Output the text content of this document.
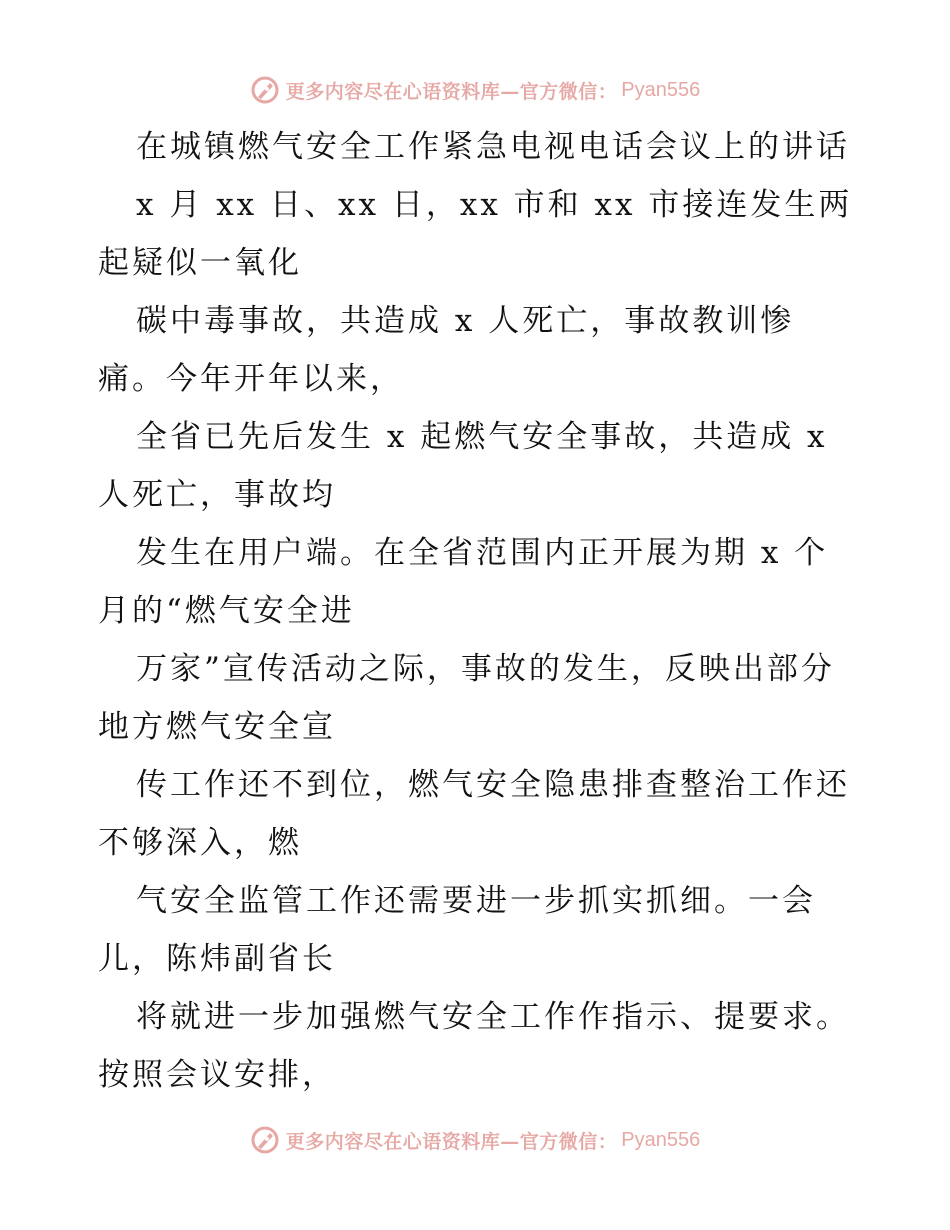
更多内容尽在心语资料库—官方微信： Pyan556
在城镇燃气安全工作紧急电视电话会议上的讲话
x 月 xx 日、xx 日，xx 市和 xx 市接连发生两
起疑似一氧化
碳中毒事故，共造成 x 人死亡，事故教训惨
痛。今年开年以来，
全省已先后发生 x 起燃气安全事故，共造成 x
人死亡，事故均
发生在用户端。在全省范围内正开展为期 x 个
月的“燃气安全进
万家”宣传活动之际，事故的发生，反映出部分
地方燃气安全宣
传工作还不到位，燃气安全隐患排查整治工作还
不够深入，燃
气安全监管工作还需要进一步抓实抓细。一会
儿，陈炜副省长
将就进一步加强燃气安全工作作指示、提要求。
按照会议安排，
更多内容尽在心语资料库—官方微信： Pyan556
